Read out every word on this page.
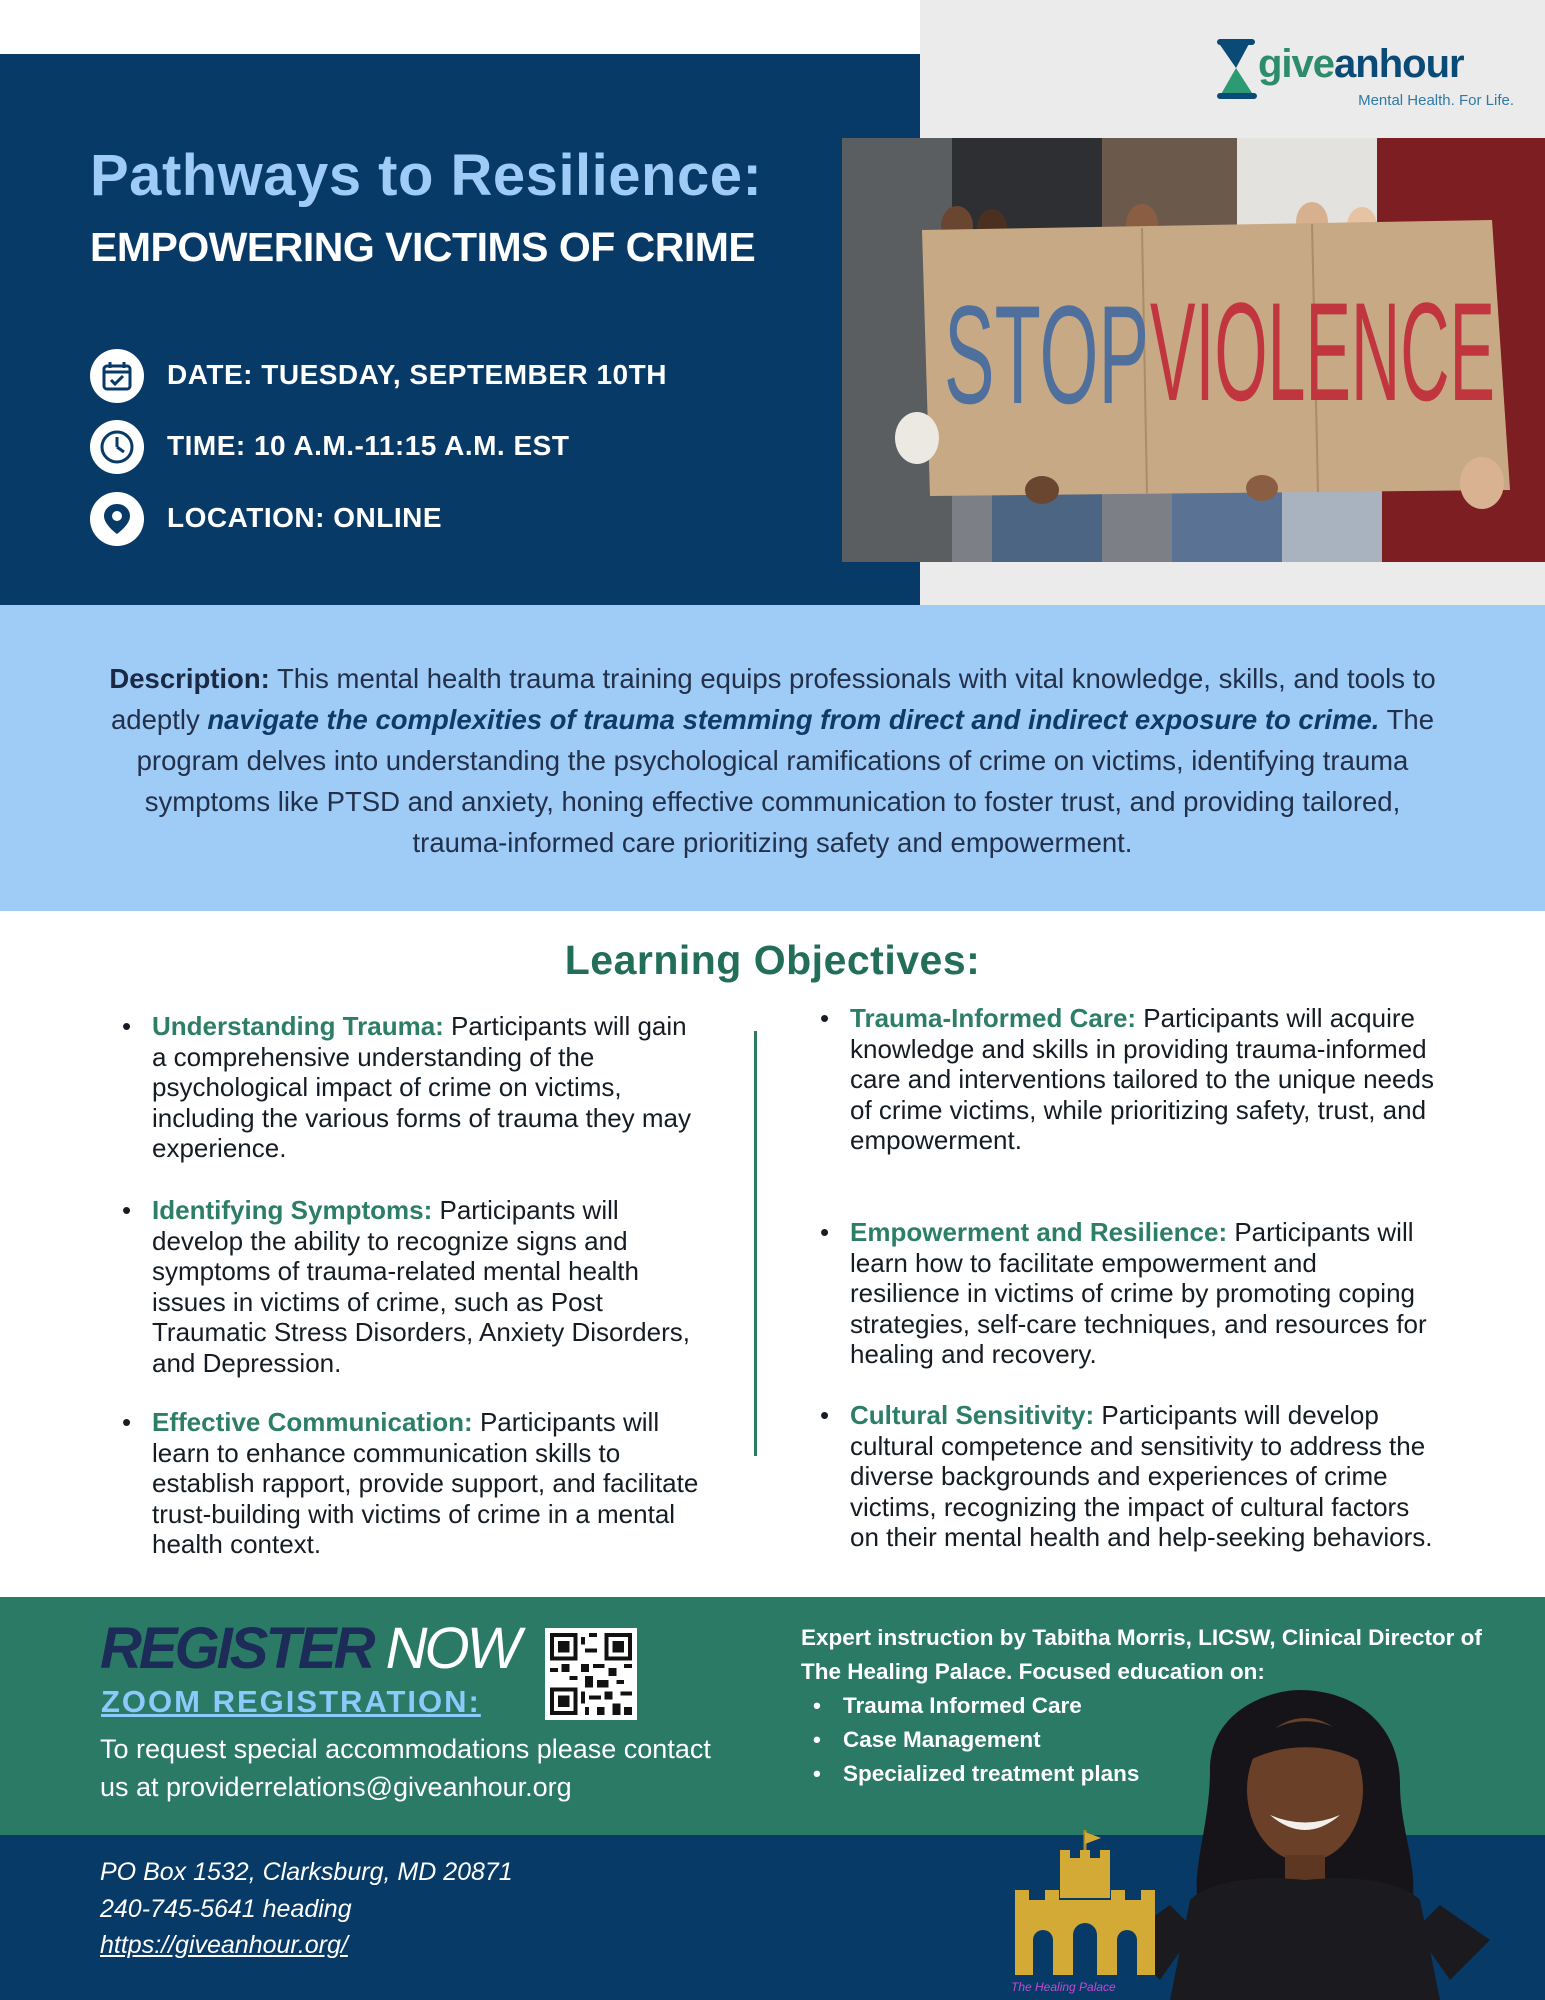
giveanhour
Mental Health. For Life.
Pathways to Resilience:
EMPOWERING VICTIMS OF CRIME
DATE: TUESDAY, SEPTEMBER 10TH
TIME: 10 A.M.-11:15 A.M. EST
LOCATION: ONLINE
STOP VIOLENCE

Description: This mental health trauma training equips professionals with vital knowledge, skills, and tools to adeptly navigate the complexities of trauma stemming from direct and indirect exposure to crime. The program delves into understanding the psychological ramifications of crime on victims, identifying trauma symptoms like PTSD and anxiety, honing effective communication to foster trust, and providing tailored, trauma-informed care prioritizing safety and empowerment.

Learning Objectives:
• Understanding Trauma: Participants will gain a comprehensive understanding of the psychological impact of crime on victims, including the various forms of trauma they may experience.
• Identifying Symptoms: Participants will develop the ability to recognize signs and symptoms of trauma-related mental health issues in victims of crime, such as Post Traumatic Stress Disorders, Anxiety Disorders, and Depression.
• Effective Communication: Participants will learn to enhance communication skills to establish rapport, provide support, and facilitate trust-building with victims of crime in a mental health context.
• Trauma-Informed Care: Participants will acquire knowledge and skills in providing trauma-informed care and interventions tailored to the unique needs of crime victims, while prioritizing safety, trust, and empowerment.
• Empowerment and Resilience: Participants will learn how to facilitate empowerment and resilience in victims of crime by promoting coping strategies, self-care techniques, and resources for healing and recovery.
• Cultural Sensitivity: Participants will develop cultural competence and sensitivity to address the diverse backgrounds and experiences of crime victims, recognizing the impact of cultural factors on their mental health and help-seeking behaviors.
REGISTER NOW
ZOOM REGISTRATION:
To request special accommodations please contact us at providerrelations@giveanhour.org
Expert instruction by Tabitha Morris, LICSW, Clinical Director of The Healing Palace. Focused education on:
• Trauma Informed Care
• Case Management
• Specialized treatment plans
PO Box 1532, Clarksburg, MD 20871
240-745-5641 heading
https://giveanhour.org/
The Healing Palace
